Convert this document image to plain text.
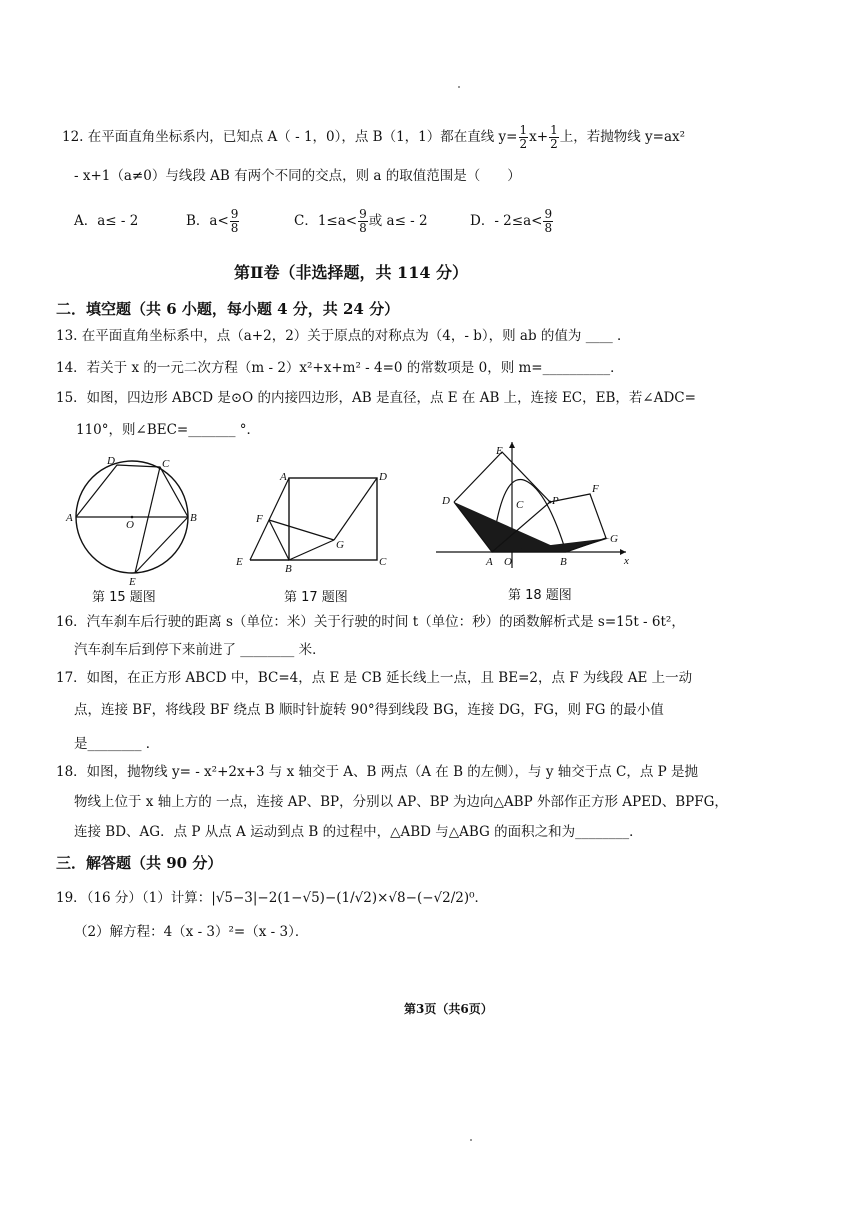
12. 在平面直角坐标系内，已知点 A（ - 1，0），点 B（1，1）都在直线 $y= \frac{1}{2} x+ \frac{1}{2}$ 上，若抛物线 y=ax²
- x+1（a≠0）与线段 AB 有两个不同的交点，则 a 的取值范围是（　　）
A．a≤ - 2	B．$a< \frac{9}{8}$	C．$1\le a< \frac{9}{8}$ 或 a≤ - 2	D．- $2\le a< \frac{9}{8}$
第Ⅱ卷（非选择题，共 114 分）
二．填空题（共 6 小题，每小题 4 分，共 24 分）
13. 在平面直角坐标系中，点（a+2，2）关于原点的对称点为（4，- b），则 ab 的值为 ____ ．
14．若关于 x 的一元二次方程（m - 2）x²+x+m² - 4=0 的常数项是 0，则 m=__________．
15．如图，四边形 ABCD 是⊙O 的内接四边形，AB 是直径，点 E 在 AB 上，连接 EC，EB，若∠ADC=
110°，则∠BEC=_______ °．
D	C
A
O
B
E
第 15 题图
A	D
F
G
E
B
C
第 17 题图
E
D	C	P
F
G
A O	B	x
第 18 题图
16．汽车刹车后行驶的距离 s（单位：米）关于行驶的时间 t（单位：秒）的函数解析式是 s=15t - 6t²，
汽车刹车后到停下来前进了 ________ 米．
17．如图，在正方形 ABCD 中，BC=4，点 E 是 CB 延长线上一点，且 BE=2，点 F 为线段 AE 上一动
点，连接 BF，将线段 BF 绕点 B 顺时针旋转 90°得到线段 BG，连接 DG，FG，则 FG 的最小值
是________ ．
18．如图，抛物线 y= - x²+2x+3 与 x 轴交于 A、B 两点（A 在 B 的左侧），与 y 轴交于点 C，点 P 是抛
物线上位于 x 轴上方的 一点，连接 AP、BP，分别以 AP、BP 为边向△ABP 外部作正方形 APED、BPFG，
连接 BD、AG．点 P 从点 A 运动到点 B 的过程中，△ABD 与△ABG 的面积之和为________．
三．解答题（共 90 分）
19．（16 分）（1）计算：|√5−3|−2(1−√5)−(1/√2)×√8−(−√2/2)⁰．
（2）解方程：4（x - 3）²=（x - 3）．
第3页（共6页）
